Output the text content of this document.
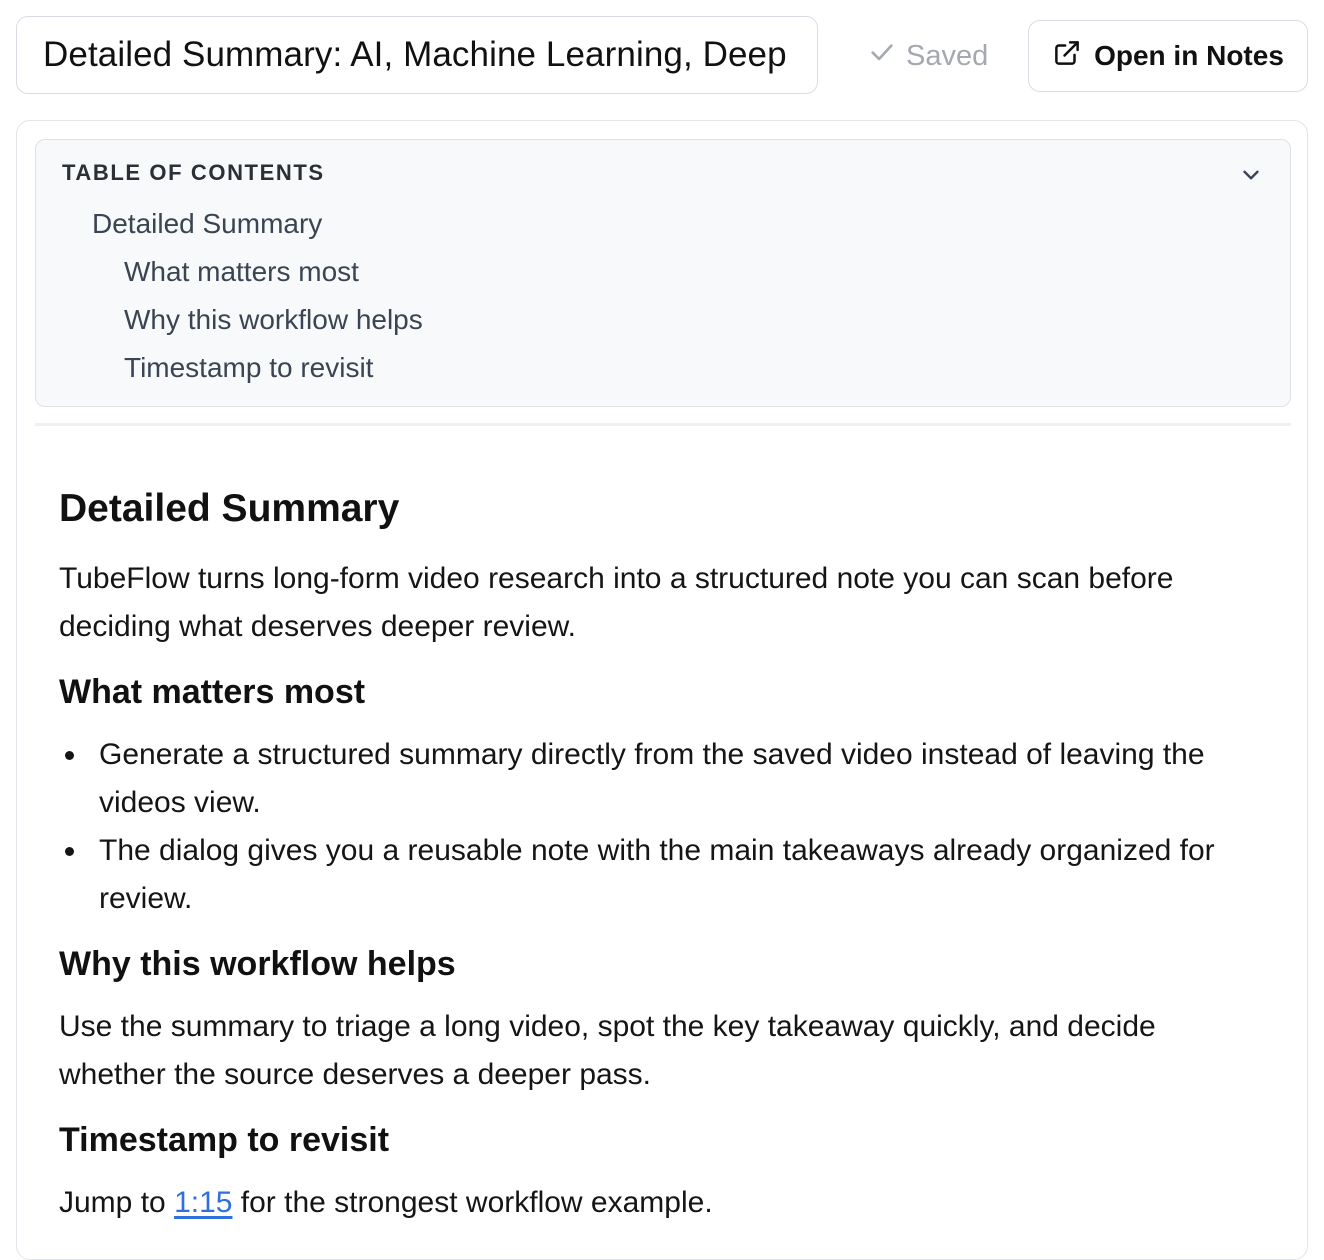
Detailed Summary: AI, Machine Learning, Deep Learning
Saved	Open in Notes
TABLE OF CONTENTS
Detailed Summary
What matters most
Why this workflow helps
Timestamp to revisit
Detailed Summary

TubeFlow turns long-form video research into a structured note you can scan before deciding what deserves deeper review.

What matters most
Generate a structured summary directly from the saved video instead of leaving the videos view.
The dialog gives you a reusable note with the main takeaways already organized for review.
Why this workflow helps

Use the summary to triage a long video, spot the key takeaway quickly, and decide whether the source deserves a deeper pass.

Timestamp to revisit

Jump to 1:15 for the strongest workflow example.
